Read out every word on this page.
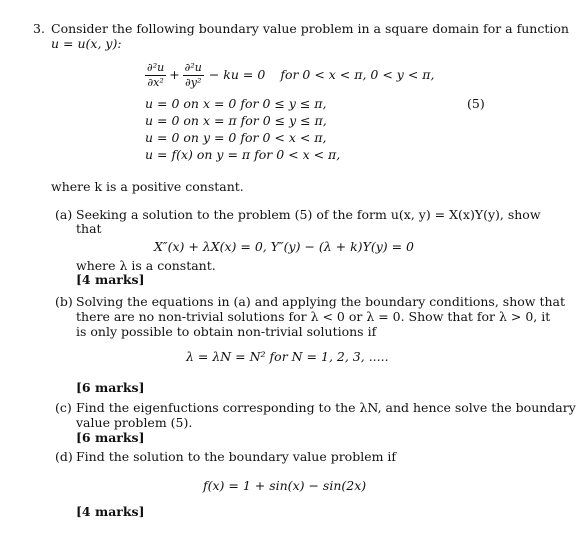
3. Consider the following boundary value problem in a square domain for a function
u = u(x, y):
$\frac{\text{∂²u}}{\text{∂x²}} + \frac{\text{∂²u}}{\text{∂y²}}$ − ku = 0 for 0 < x < π, 0 < y < π,
u = 0 on x = 0 for 0 ≤ y ≤ π,
u = 0 on x = π for 0 ≤ y ≤ π,
u = 0 on y = 0 for 0 < x < π,
u = f(x) on y = π for 0 < x < π,
(5)
where k is a positive constant.
(a) Seeking a solution to the problem (5) of the form u(x, y) = X(x)Y(y), show
that
X″(x) + λX(x) = 0, Y″(y) − (λ + k)Y(y) = 0
where λ is a constant.
[4 marks]
(b) Solving the equations in (a) and applying the boundary conditions, show that
there are no non-trivial solutions for λ < 0 or λ = 0. Show that for λ > 0, it
is only possible to obtain non-trivial solutions if
λ = λN = N² for N = 1, 2, 3, .....
[6 marks]
(c) Find the eigenfuctions corresponding to the λN, and hence solve the boundary
value problem (5).
[6 marks]
(d) Find the solution to the boundary value problem if
f(x) = 1 + sin(x) − sin(2x)
[4 marks]
